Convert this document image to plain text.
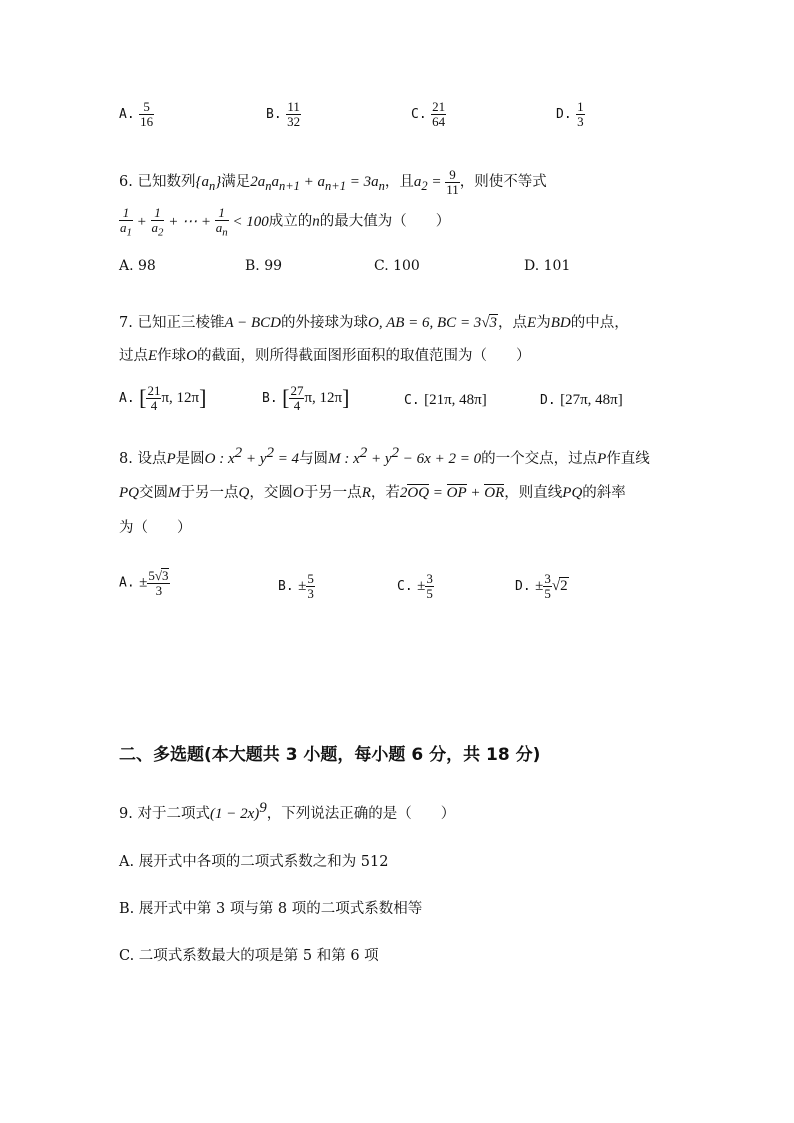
A. $\frac{5}{16}$	B. $\frac{11}{32}$	C. $\frac{21}{64}$	D. $\frac{1}{3}$
6. 已知数列$\{a_n\}$满足$2a_na_{n+1} + a_{n+1} = 3a_n$，且$a_2 = \frac{9}{11}$ ，则使不等式
$\frac{1}{a_1} + \frac{1}{a_2}$ + ⋯ + $\frac{1}{a_n} < 100$成立的n的最大值为（　　）
A. 98	B. 99	C. 100	D. 101
7. 已知正三棱锥A − BCD的外接球为球O, AB = 6, BC = 3√3，点E为BD的中点，
过点E作球O的截面，则所得截面图形面积的取值范围为（　　）
A. [ $\frac{21}{4} \pi$, 12π]	B. [ $\frac{27}{4} \pi$, 12π]	C. [21π, 48π]	D. [27π, 48π]
8. 设点P是圆O : $x^2 + y^2 = 4$与圆M : $x^2 + y^2 - 6x + 2 = 0$的一个交点，过点P作直线
PQ交圆M于另一点Q，交圆O于另一点R，若2OQ = OP + OR，则直线PQ的斜率
为（　　）
A. ± $\frac{5√3}{3}$	B. ± $\frac{5}{3}$	C. ± $\frac{3}{5}$	D. ± $\frac{3}{5} √2$
二、多选题(本大题共 3 小题，每小题 6 分，共 18 分)
9. 对于二项式$(1 - 2x)^9$，下列说法正确的是（　　）
A. 展开式中各项的二项式系数之和为 512
B. 展开式中第 3 项与第 8 项的二项式系数相等
C. 二项式系数最大的项是第 5 和第 6 项
